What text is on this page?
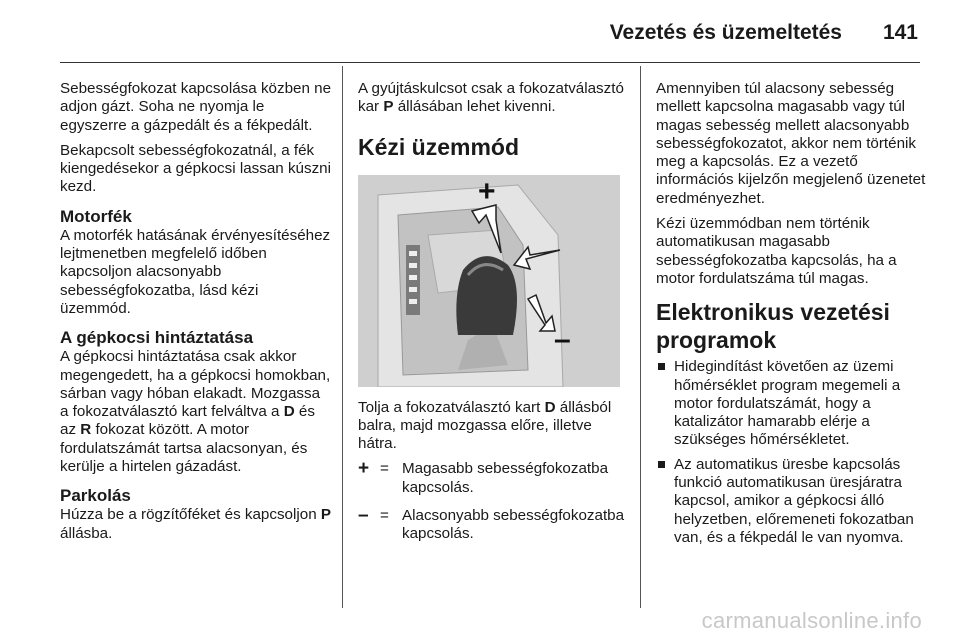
Vezetés és üzemeltetés 141

Sebességfokozat kapcsolása közben ne adjon gázt. Soha ne nyomja le egyszerre a gázpedált és a fékpedált.

Bekapcsolt sebességfokozatnál, a fék kiengedésekor a gépkocsi lassan kúszni kezd.

Motorfék

A motorfék hatásának érvényesítéséhez lejtmenetben megfelelő időben kapcsoljon alacsonyabb sebességfokozatba, lásd kézi üzemmód.

A gépkocsi hintáztatása

A gépkocsi hintáztatása csak akkor megengedett, ha a gépkocsi homokban, sárban vagy hóban elakadt. Mozgassa a fokozatválasztó kart felváltva a D és az R fokozat között. A motor fordulatszámát tartsa alacsonyan, és kerülje a hirtelen gázadást.

Parkolás

Húzza be a rögzítőféket és kapcsoljon P állásba.

A gyújtáskulcsot csak a fokozatválasztó kar P állásában lehet kivenni.

Kézi üzemmód
+
–

Tolja a fokozatválasztó kart D állásból balra, majd mozgassa előre, illetve hátra.

+ = Magasabb sebességfokozatba kapcsolás.
– = Alacsonyabb sebességfokozatba kapcsolás.

Amennyiben túl alacsony sebesség mellett kapcsolna magasabb vagy túl magas sebesség mellett alacsonyabb sebességfokozatot, akkor nem történik meg a kapcsolás. Ez a vezető információs kijelzőn megjelenő üzenetet eredményezhet.

Kézi üzemmódban nem történik automatikusan magasabb sebességfokozatba kapcsolás, ha a motor fordulatszáma túl magas.

Elektronikus vezetési programok
Hidegindítást követően az üzemi hőmérséklet program megemeli a motor fordulatszámát, hogy a katalizátor hamarabb elérje a szükséges hőmérsékletet.
Az automatikus üresbe kapcsolás funkció automatikusan üresjáratra kapcsol, amikor a gépkocsi álló helyzetben, előremeneti fokozatban van, és a fékpedál le van nyomva.
carmanualsonline.info
